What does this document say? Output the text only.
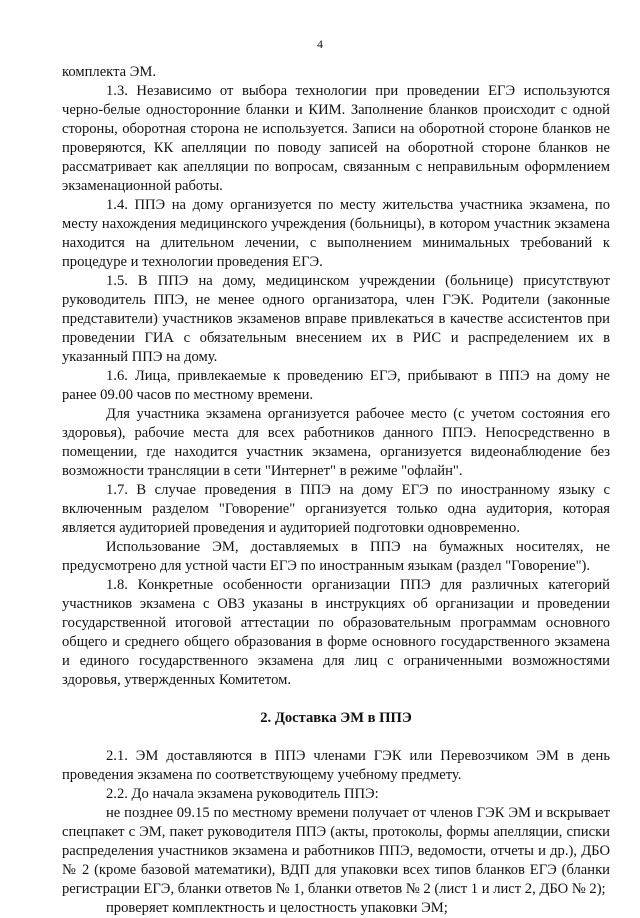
4

комплекта ЭМ.

1.3. Независимо от выбора технологии при проведении ЕГЭ используются черно-белые односторонние бланки и КИМ. Заполнение бланков происходит с одной стороны, оборотная сторона не используется. Записи на оборотной стороне бланков не проверяются, КК апелляции по поводу записей на оборотной стороне бланков не рассматривает как апелляции по вопросам, связанным с неправильным оформлением экзаменационной работы.

1.4. ППЭ на дому организуется по месту жительства участника экзамена, по месту нахождения медицинского учреждения (больницы), в котором участник экзамена находится на длительном лечении, с выполнением минимальных требований к процедуре и технологии проведения ЕГЭ.

1.5. В ППЭ на дому, медицинском учреждении (больнице) присутствуют руководитель ППЭ, не менее одного организатора, член ГЭК. Родители (законные представители) участников экзаменов вправе привлекаться в качестве ассистентов при проведении ГИА с обязательным внесением их в РИС и распределением их в указанный ППЭ на дому.

1.6. Лица, привлекаемые к проведению ЕГЭ, прибывают в ППЭ на дому не ранее 09.00 часов по местному времени.

Для участника экзамена организуется рабочее место (с учетом состояния его здоровья), рабочие места для всех работников данного ППЭ. Непосредственно в помещении, где находится участник экзамена, организуется видеонаблюдение без возможности трансляции в сети "Интернет" в режиме "офлайн".

1.7. В случае проведения в ППЭ на дому ЕГЭ по иностранному языку с включенным разделом "Говорение" организуется только одна аудитория, которая является аудиторией проведения и аудиторией подготовки одновременно.

Использование ЭМ, доставляемых в ППЭ на бумажных носителях, не предусмотрено для устной части ЕГЭ по иностранным языкам (раздел "Говорение").

1.8. Конкретные особенности организации ППЭ для различных категорий участников экзамена с ОВЗ указаны в инструкциях об организации и проведении государственной итоговой аттестации по образовательным программам основного общего и среднего общего образования в форме основного государственного экзамена и единого государственного экзамена для лиц с ограниченными возможностями здоровья, утвержденных Комитетом.

2. Доставка ЭМ в ППЭ

2.1. ЭМ доставляются в ППЭ членами ГЭК или Перевозчиком ЭМ в день проведения экзамена по соответствующему учебному предмету.

2.2. До начала экзамена руководитель ППЭ:

не позднее 09.15 по местному времени получает от членов ГЭК ЭМ и вскрывает спецпакет с ЭМ, пакет руководителя ППЭ (акты, протоколы, формы апелляции, списки распределения участников экзамена и работников ППЭ, ведомости, отчеты и др.), ДБО № 2 (кроме базовой математики), ВДП для упаковки всех типов бланков ЕГЭ (бланки регистрации ЕГЭ, бланки ответов № 1, бланки ответов № 2 (лист 1 и лист 2, ДБО № 2);

проверяет комплектность и целостность упаковки ЭМ;
